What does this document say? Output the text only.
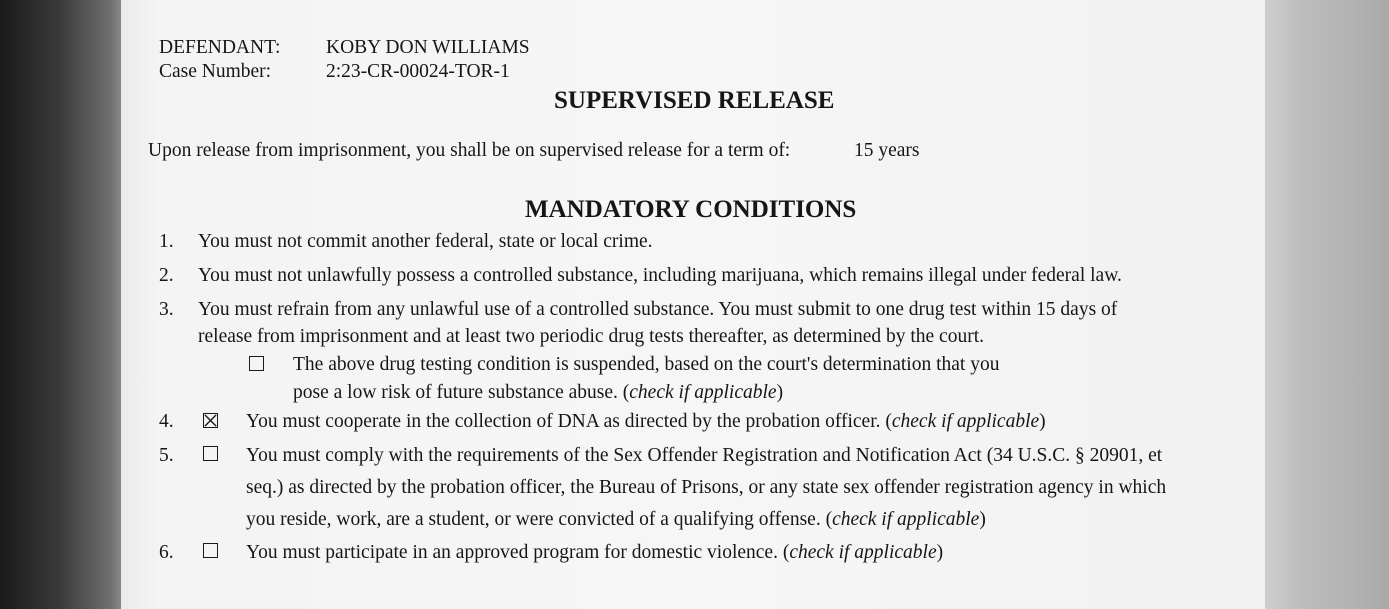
DEFENDANT: KOBY DON WILLIAMS
Case Number:	2:23-CR-00024-TOR-1
SUPERVISED RELEASE
Upon release from imprisonment, you shall be on supervised release for a term of:	15 years
MANDATORY CONDITIONS
1. You must not commit another federal, state or local crime.
2. You must not unlawfully possess a controlled substance, including marijuana, which remains illegal under federal law.
3. You must refrain from any unlawful use of a controlled substance. You must submit to one drug test within 15 days of
release from imprisonment and at least two periodic drug tests thereafter, as determined by the court.
The above drug testing condition is suspended, based on the court's determination that you
pose a low risk of future substance abuse. (check if applicable)
4.	You must cooperate in the collection of DNA as directed by the probation officer. (check if applicable)
5.	You must comply with the requirements of the Sex Offender Registration and Notification Act (34 U.S.C. § 20901, et
seq.) as directed by the probation officer, the Bureau of Prisons, or any state sex offender registration agency in which
you reside, work, are a student, or were convicted of a qualifying offense. (check if applicable)
6.	You must participate in an approved program for domestic violence. (check if applicable)
